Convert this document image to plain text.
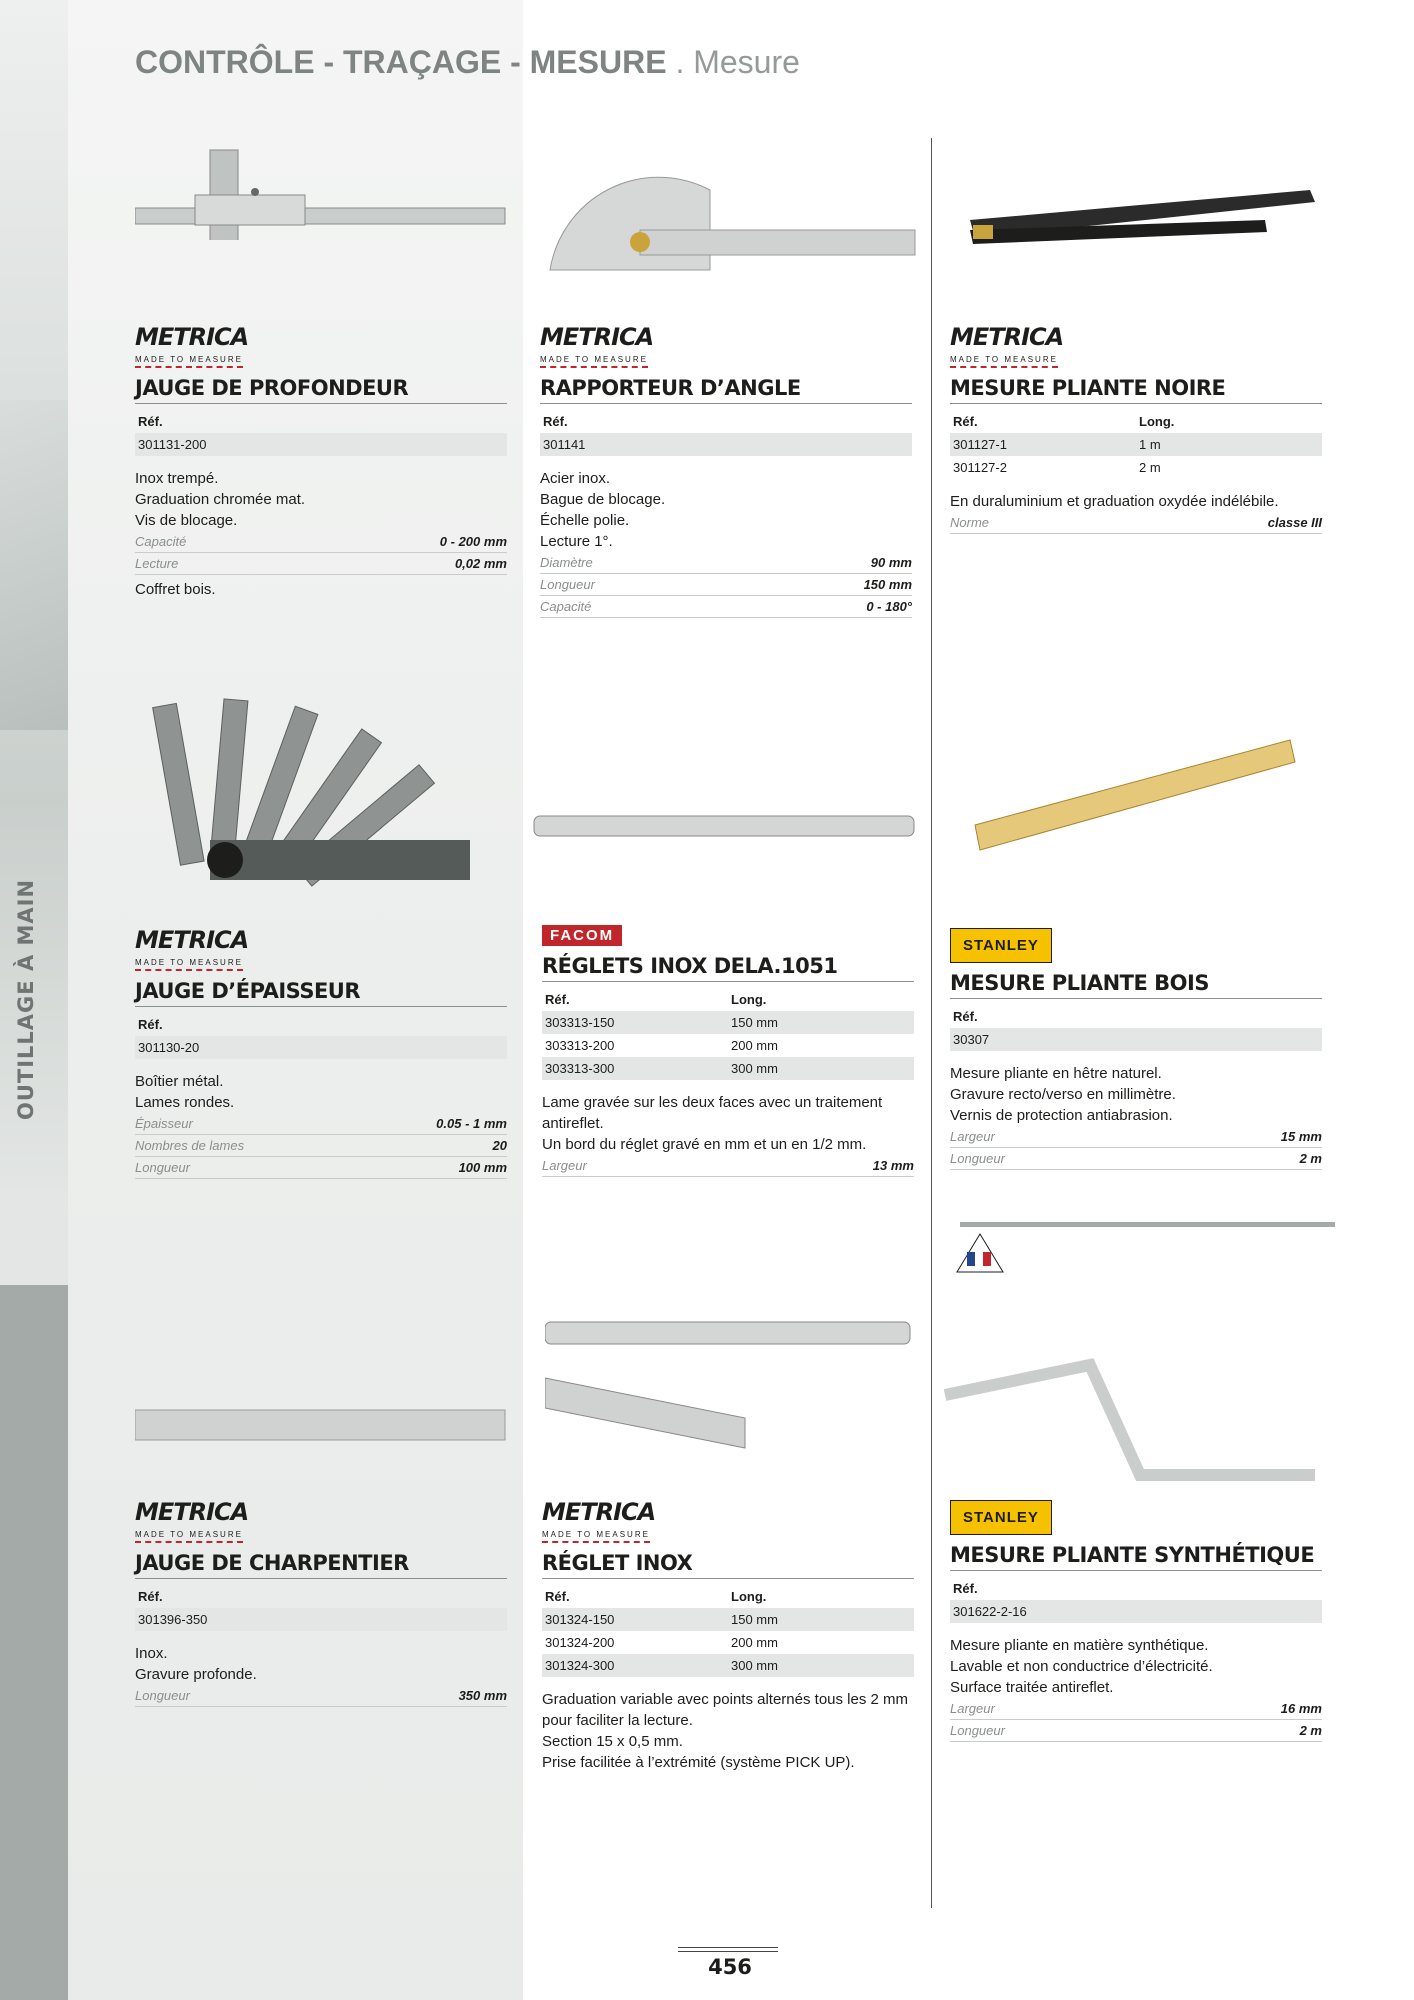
OUTILLAGE À MAIN
CONTRÔLE - TRAÇAGE - MESURE . Mesure
METRICA
MADE TO MEASURE
JAUGE DE PROFONDEUR
Réf.
301131-200
Inox trempé.
Graduation chromée mat.
Vis de blocage.
Capacité	0 - 200 mm
Lecture	0,02 mm
Coffret bois.
METRICA
MADE TO MEASURE
RAPPORTEUR D’ANGLE
Réf.
301141
Acier inox.
Bague de blocage.
Échelle polie.
Lecture 1°.
Diamètre	90 mm
Longueur	150 mm
Capacité	0 - 180°
METRICA
MADE TO MEASURE
MESURE PLIANTE NOIRE
Réf.	Long.
301127-1	1 m
301127-2	2 m
En duraluminium et graduation oxydée indélébile.
Norme	classe III
METRICA
MADE TO MEASURE
JAUGE D’ÉPAISSEUR
Réf.
301130-20
Boîtier métal.
Lames rondes.
Épaisseur	0.05 - 1 mm
Nombres de lames	20
Longueur	100 mm
FACOM
RÉGLETS INOX DELA.1051
Réf.	Long.
303313-150	150 mm
303313-200	200 mm
303313-300	300 mm
Lame gravée sur les deux faces avec un traitement antireflet.
Un bord du réglet gravé en mm et un en 1/2 mm.
Largeur	13 mm
STANLEY
MESURE PLIANTE BOIS
Réf.
30307
Mesure pliante en hêtre naturel.
Gravure recto/verso en millimètre.
Vernis de protection antiabrasion.
Largeur	15 mm
Longueur	2 m
METRICA
MADE TO MEASURE
JAUGE DE CHARPENTIER
Réf.
301396-350
Inox.
Gravure profonde.
Longueur	350 mm
METRICA
MADE TO MEASURE
RÉGLET INOX
Réf.	Long.
301324-150	150 mm
301324-200	200 mm
301324-300	300 mm
Graduation variable avec points alternés tous les 2 mm pour faciliter la lecture.
Section 15 x 0,5 mm.
Prise facilitée à l’extrémité (système PICK UP).
STANLEY
MESURE PLIANTE SYNTHÉTIQUE
Réf.
301622-2-16
Mesure pliante en matière synthétique.
Lavable et non conductrice d’électricité.
Surface traitée antireflet.
Largeur	16 mm
Longueur	2 m
456
